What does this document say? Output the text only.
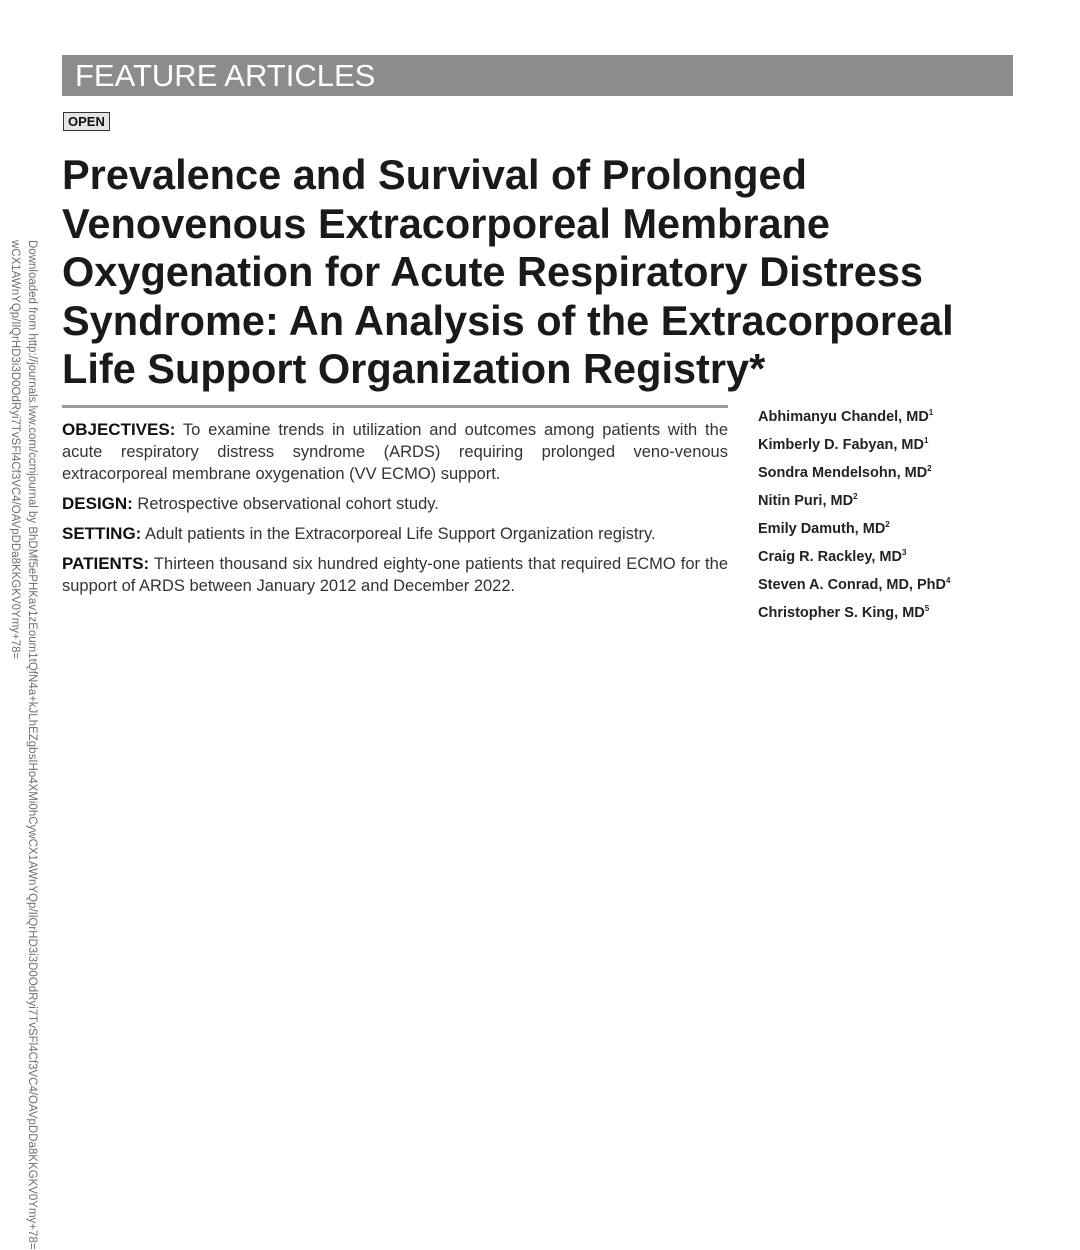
Downloaded from http://journals.lww.com/ccmjournal by BhDMf5ePHKav1zEoum1tQfN4a+kJLhEZgbsIHo4XMi0hCywCX1AWnYQp/IlQrHD3i3D0OdRyi7TvSFl4Cf3VC4/OAVpDDa8KKGKV0Ymy+78=
wCX1AWnYQp/IlQrHD3i3D0OdRyi7TvSFl4Cf3VC4/OAVpDDa8KKGKV0Ymy+78=
FEATURE ARTICLES
OPEN
Prevalence and Survival of Prolonged Venovenous Extracorporeal Membrane Oxygenation for Acute Respiratory Distress Syndrome: An Analysis of the Extracorporeal Life Support Organization Registry*

OBJECTIVES: To examine trends in utilization and outcomes among patients with the acute respiratory distress syndrome (ARDS) requiring prolonged veno-venous extracorporeal membrane oxygenation (VV ECMO) support.

DESIGN: Retrospective observational cohort study.

SETTING: Adult patients in the Extracorporeal Life Support Organization registry.

PATIENTS: Thirteen thousand six hundred eighty-one patients that required ECMO for the support of ARDS between January 2012 and December 2022.

Abhimanyu Chandel, $MD^1$
Kimberly D. Fabyan, $MD^1$
Sondra Mendelsohn, $MD^2$
Nitin Puri, $MD^2$
Emily Damuth, $MD^2$
Craig R. Rackley, $MD^3$
Steven A. Conrad, MD, PhD$^4$
Christopher S. King, $MD^5$
